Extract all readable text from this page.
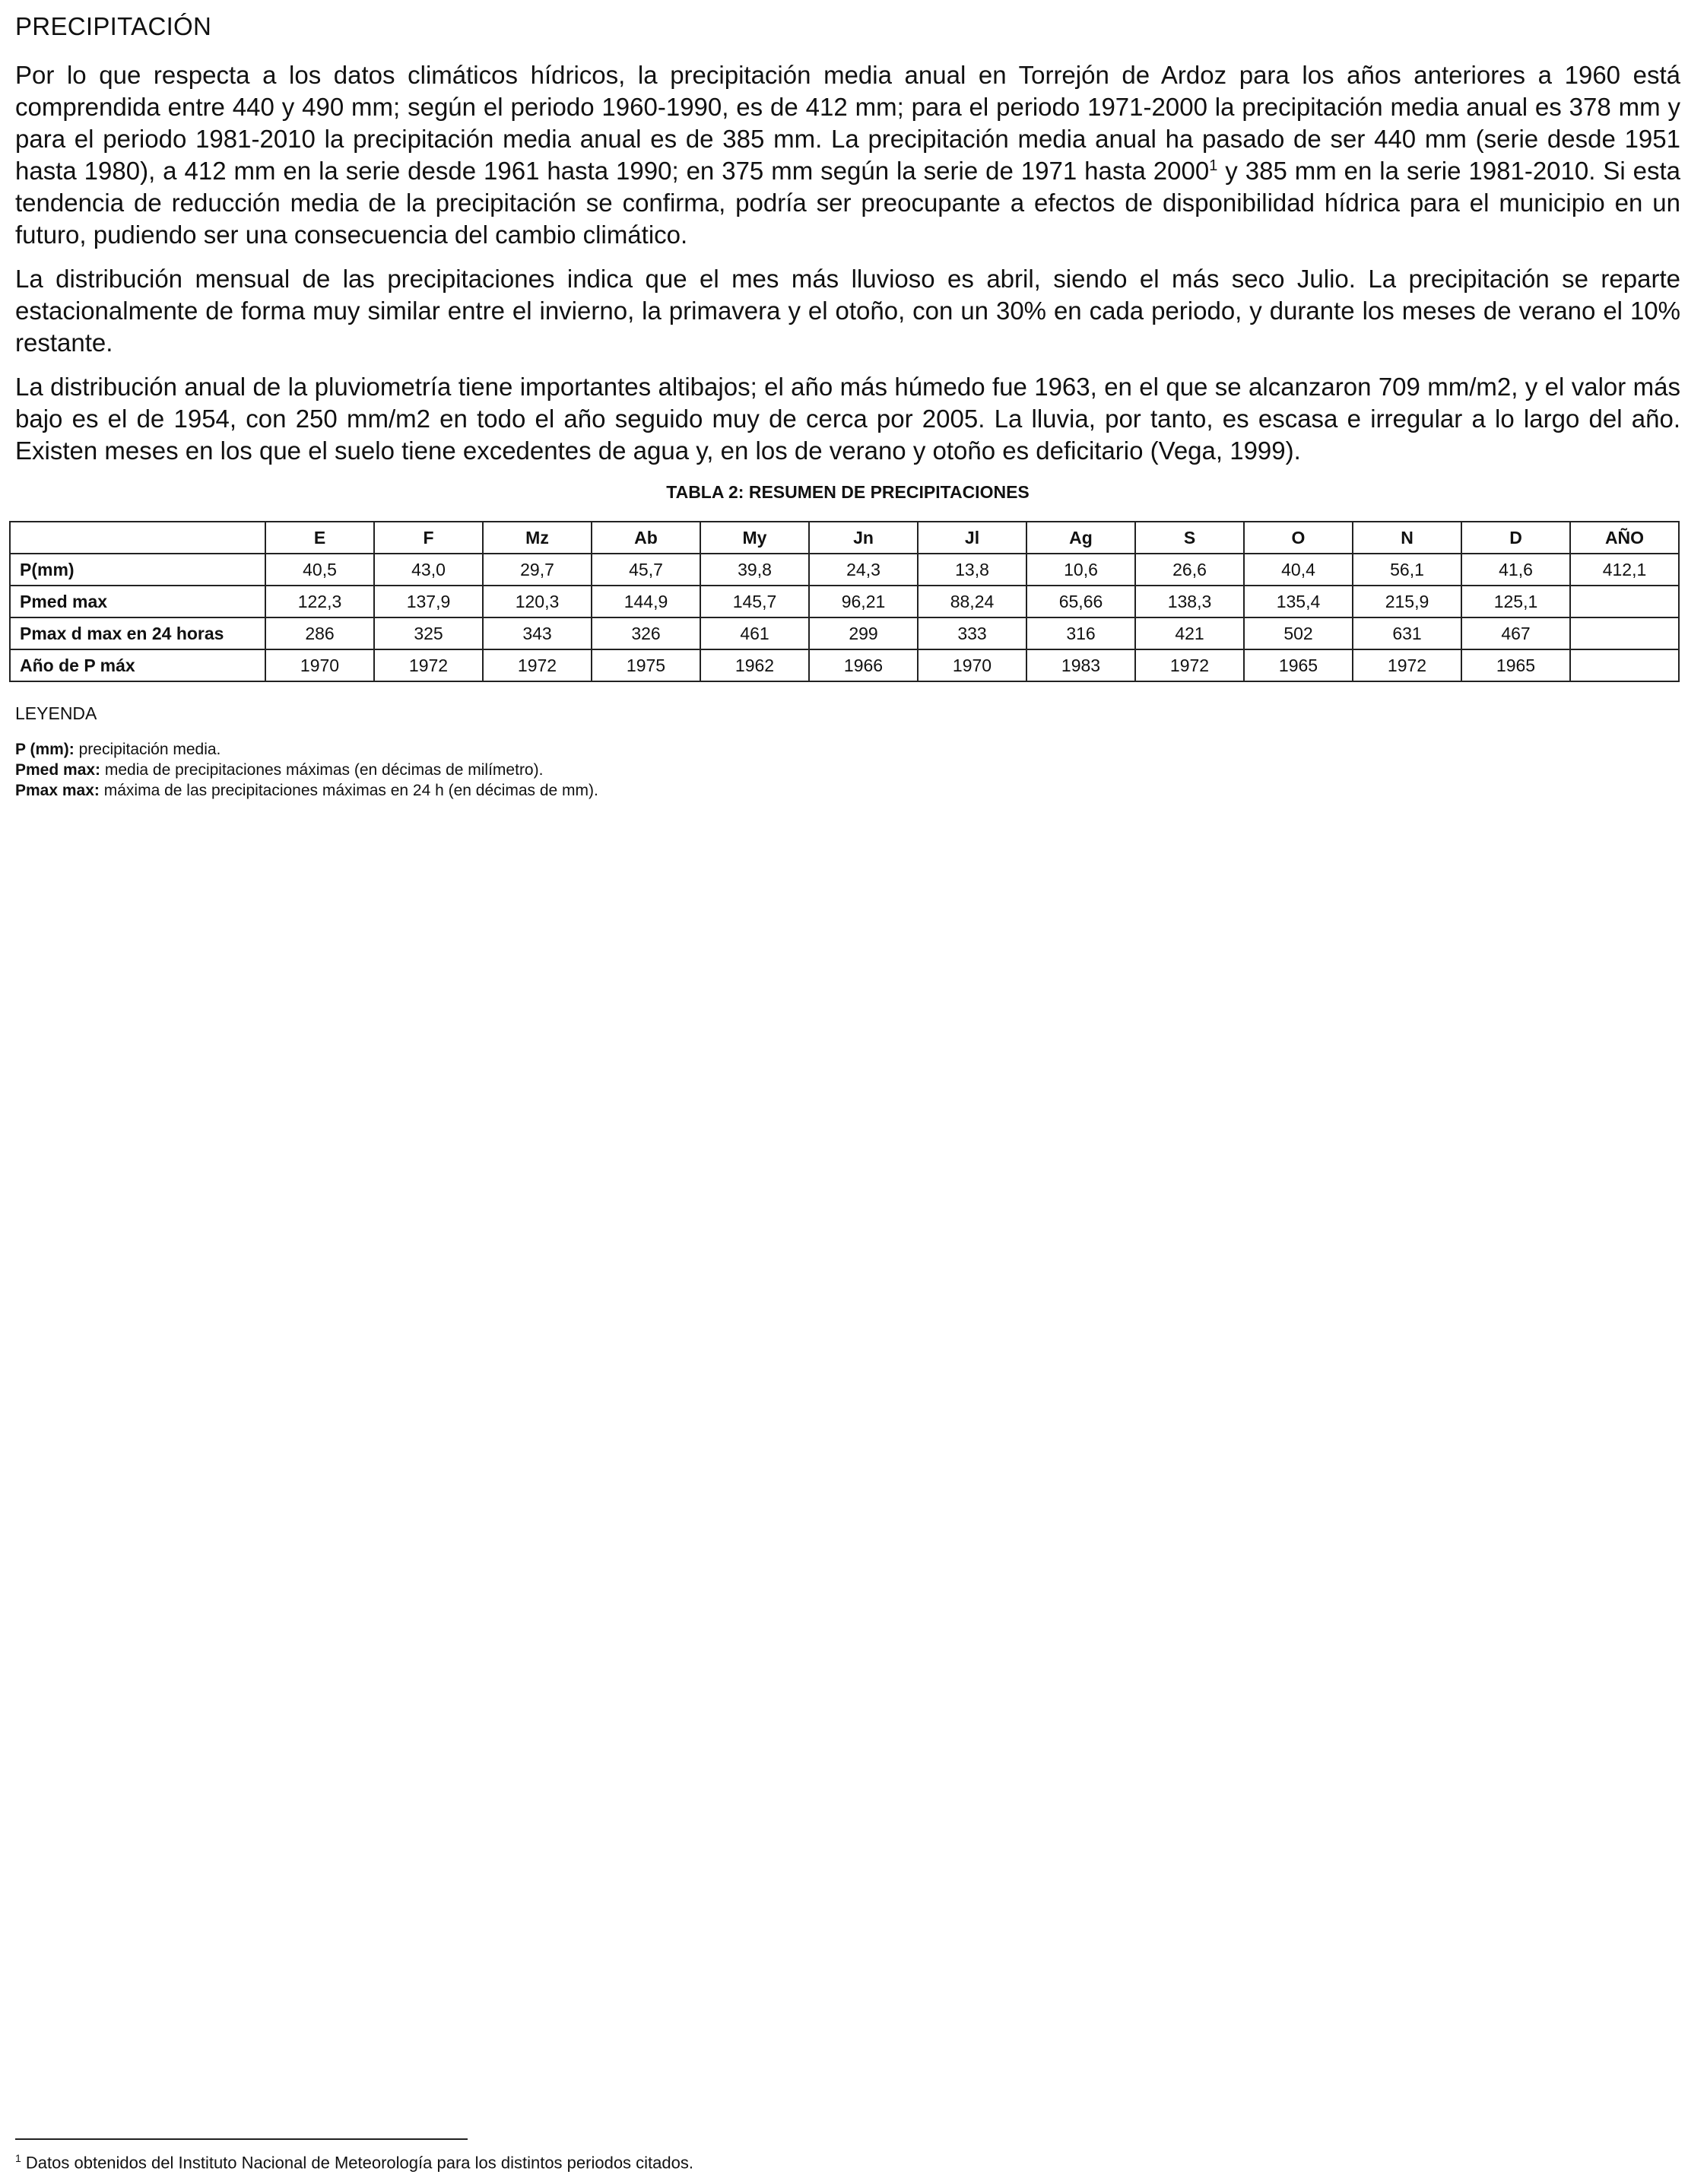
PRECIPITACIÓN

Por lo que respecta a los datos climáticos hídricos, la precipitación media anual en Torrejón de Ardoz para los años anteriores a 1960 está comprendida entre 440 y 490 mm; según el periodo 1960-1990, es de 412 mm; para el periodo 1971-2000 la precipitación media anual es 378 mm y para el periodo 1981-2010 la precipitación media anual es de 385 mm. La precipitación media anual ha pasado de ser 440 mm (serie desde 1951 hasta 1980), a 412 mm en la serie desde 1961 hasta 1990; en 375 mm según la serie de 1971 hasta 2000$^1$ y 385 mm en la serie 1981-2010. Si esta tendencia de reducción media de la precipitación se confirma, podría ser preocupante a efectos de disponibilidad hídrica para el municipio en un futuro, pudiendo ser una consecuencia del cambio climático.

La distribución mensual de las precipitaciones indica que el mes más lluvioso es abril, siendo el más seco Julio. La precipitación se reparte estacionalmente de forma muy similar entre el invierno, la primavera y el otoño, con un 30% en cada periodo, y durante los meses de verano el 10% restante.

La distribución anual de la pluviometría tiene importantes altibajos; el año más húmedo fue 1963, en el que se alcanzaron 709 mm/m2, y el valor más bajo es el de 1954, con 250 mm/m2 en todo el año seguido muy de cerca por 2005. La lluvia, por tanto, es escasa e irregular a lo largo del año. Existen meses en los que el suelo tiene excedentes de agua y, en los de verano y otoño es deficitario (Vega, 1999).

TABLA 2: RESUMEN DE PRECIPITACIONES
	E	F	Mz	Ab	My	Jn	Jl	Ag	S	O	N	D	AÑO
P(mm)	40,5	43,0	29,7	45,7	39,8	24,3	13,8	10,6	26,6	40,4	56,1	41,6	412,1
Pmed max	122,3	137,9	120,3	144,9	145,7	96,21	88,24	65,66	138,3	135,4	215,9	125,1	
Pmax d max en 24 horas	286	325	343	326	461	299	333	316	421	502	631	467	
Año de P máx	1970	1972	1972	1975	1962	1966	1970	1983	1972	1965	1972	1965	
LEYENDA
P (mm): precipitación media.
Pmed max: media de precipitaciones máximas (en décimas de milímetro).
Pmax max: máxima de las precipitaciones máximas en 24 h (en décimas de mm).
$^1$ Datos obtenidos del Instituto Nacional de Meteorología para los distintos periodos citados.
